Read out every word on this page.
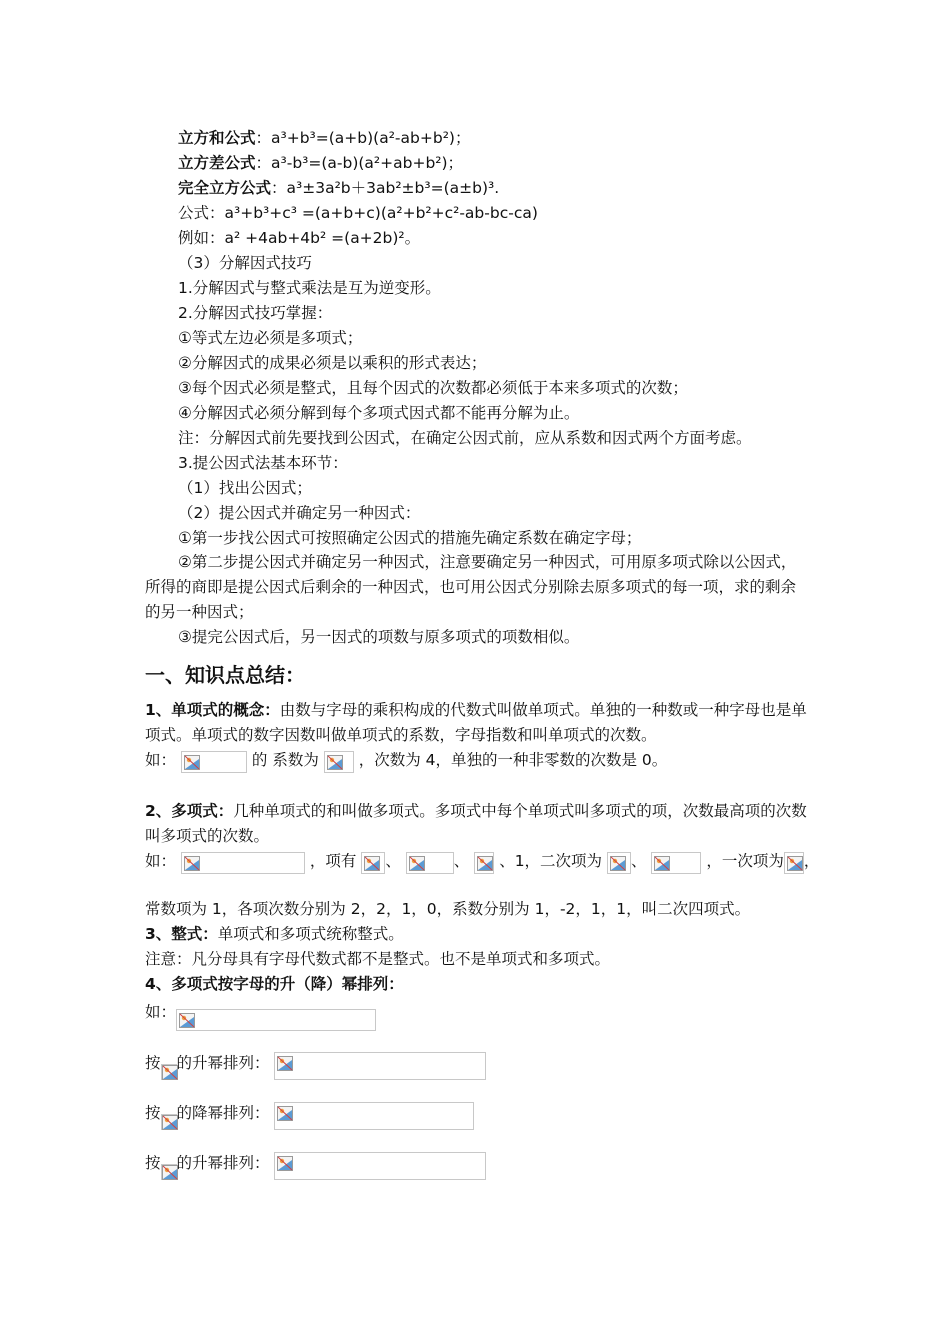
立方和公式：a³+b³=(a+b)(a²-ab+b²)；
立方差公式：a³-b³=(a-b)(a²+ab+b²)；
完全立方公式：a³±3a²b＋3ab²±b³=(a±b)³.
公式：a³+b³+c³ =(a+b+c)(a²+b²+c²-ab-bc-ca)
例如：a² +4ab+4b² =(a+2b)²。
（3）分解因式技巧
1.分解因式与整式乘法是互为逆变形。
2.分解因式技巧掌握：
①等式左边必须是多项式；
②分解因式的成果必须是以乘积的形式表达；
③每个因式必须是整式，且每个因式的次数都必须低于本来多项式的次数；
④分解因式必须分解到每个多项式因式都不能再分解为止。
注：分解因式前先要找到公因式，在确定公因式前，应从系数和因式两个方面考虑。
3.提公因式法基本环节：
（1）找出公因式；
（2）提公因式并确定另一种因式：
①第一步找公因式可按照确定公因式的措施先确定系数在确定字母；
②第二步提公因式并确定另一种因式，注意要确定另一种因式，可用原多项式除以公因式，所得的商即是提公因式后剩余的一种因式，也可用公因式分别除去原多项式的每一项，求的剩余的另一种因式；
③提完公因式后，另一因式的项数与原多项式的项数相似。
一、知识点总结：
1、单项式的概念：由数与字母的乘积构成的代数式叫做单项式。单独的一种数或一种字母也是单项式。单项式的数字因数叫做单项式的系数，字母指数和叫单项式的次数。
如：	的 系数为	，次数为 4，单独的一种非零数的次数是 0。
2、多项式：几种单项式的和叫做多项式。多项式中每个单项式叫多项式的项，次数最高项的次数叫多项式的次数。
如：	，项有 、	、 、1，二次项为 、	，一次项为 ，
常数项为 1，各项次数分别为 2，2，1，0，系数分别为 1，-2，1，1，叫二次四项式。
3、整式：单项式和多项式统称整式。
注意：凡分母具有字母代数式都不是整式。也不是单项式和多项式。
4、多项式按字母的升（降）幂排列：
如：
按 的升幂排列：
按 的降幂排列：
按 的升幂排列：
